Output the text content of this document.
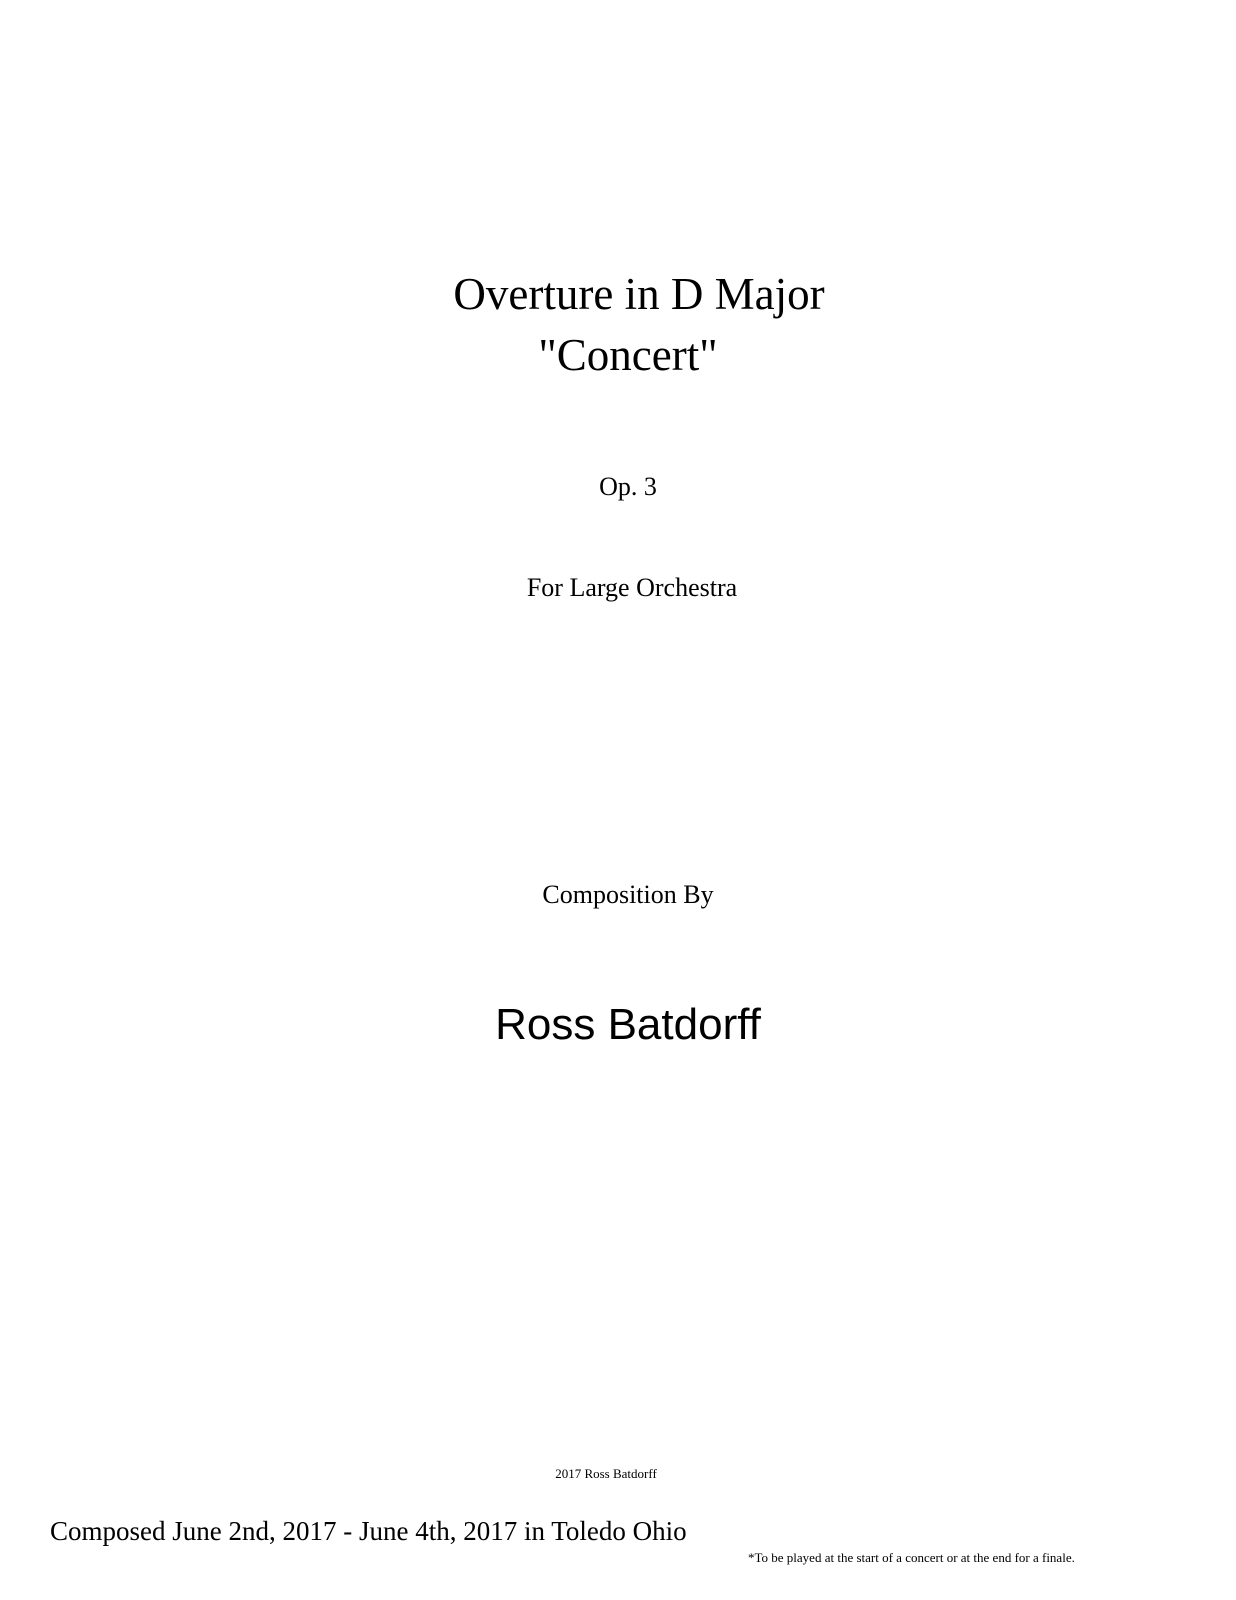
Overture in D Major
"Concert"
Op. 3
For Large Orchestra
Composition By
Ross Batdorff
2017 Ross Batdorff
Composed June 2nd, 2017 - June 4th, 2017 in Toledo Ohio
*To be played at the start of a concert or at the end for a finale.
